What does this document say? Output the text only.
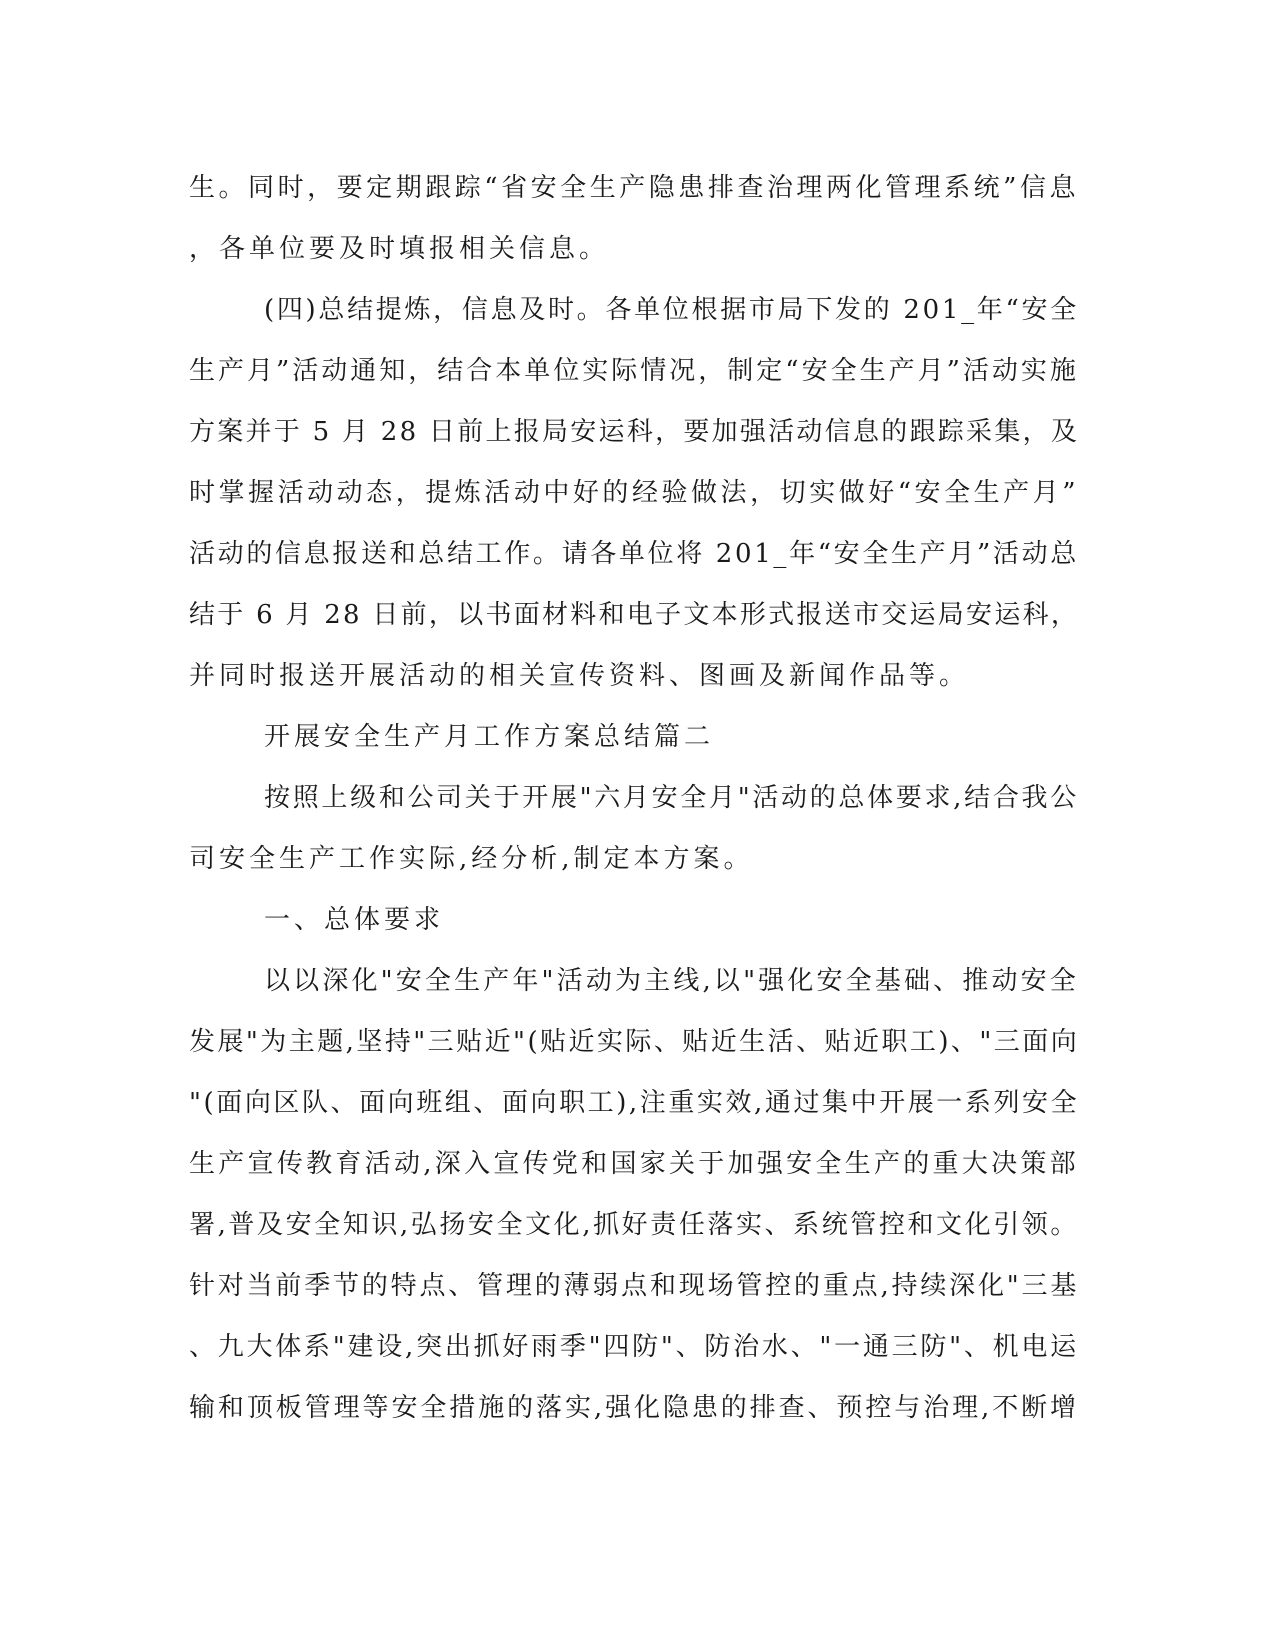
生。同时，要定期跟踪“省安全生产隐患排查治理两化管理系统”信息
，各单位要及时填报相关信息。
(四)总结提炼，信息及时。各单位根据市局下发的 201_年“安全
生产月”活动通知，结合本单位实际情况，制定“安全生产月”活动实施
方案并于 5 月 28 日前上报局安运科，要加强活动信息的跟踪采集，及
时掌握活动动态，提炼活动中好的经验做法，切实做好“安全生产月”
活动的信息报送和总结工作。请各单位将 201_年“安全生产月”活动总
结于 6 月 28 日前，以书面材料和电子文本形式报送市交运局安运科，
并同时报送开展活动的相关宣传资料、图画及新闻作品等。
开展安全生产月工作方案总结篇二
按照上级和公司关于开展"六月安全月"活动的总体要求,结合我公
司安全生产工作实际,经分析,制定本方案。
一、总体要求
以以深化"安全生产年"活动为主线,以"强化安全基础、推动安全
发展"为主题,坚持"三贴近"(贴近实际、贴近生活、贴近职工)、"三面向
"(面向区队、面向班组、面向职工),注重实效,通过集中开展一系列安全
生产宣传教育活动,深入宣传党和国家关于加强安全生产的重大决策部
署,普及安全知识,弘扬安全文化,抓好责任落实、系统管控和文化引领。
针对当前季节的特点、管理的薄弱点和现场管控的重点,持续深化"三基
、九大体系"建设,突出抓好雨季"四防"、防治水、"一通三防"、机电运
输和顶板管理等安全措施的落实,强化隐患的排查、预控与治理,不断增
